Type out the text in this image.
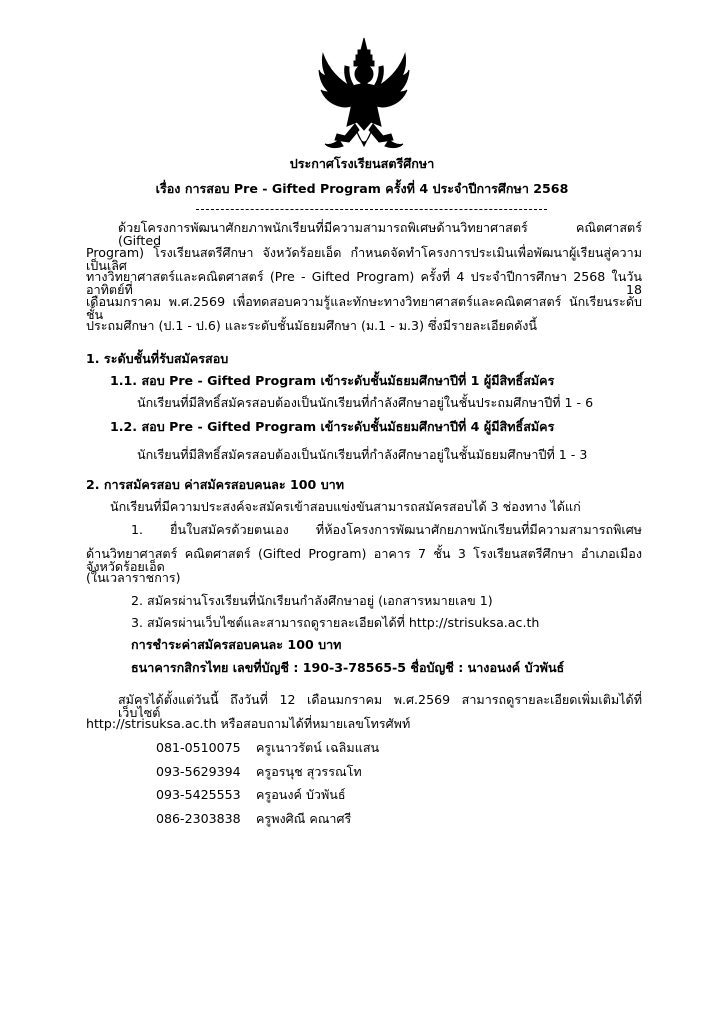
ประกาศโรงเรียนสตรีศึกษา
เรื่อง การสอบ Pre - Gifted Program ครั้งที่ 4 ประจำปีการศึกษา 2568
ด้วยโครงการพัฒนาศักยภาพนักเรียนที่มีความสามารถพิเศษด้านวิทยาศาสตร์ คณิตศาสตร์ (Gifted
Program) โรงเรียนสตรีศึกษา จังหวัดร้อยเอ็ด กำหนดจัดทำโครงการประเมินเพื่อพัฒนาผู้เรียนสู่ความเป็นเลิศ
ทางวิทยาศาสตร์และคณิตศาสตร์ (Pre - Gifted Program) ครั้งที่ 4 ประจำปีการศึกษา 2568 ในวันอาทิตย์ที่ 18
เดือนมกราคม พ.ศ.2569 เพื่อทดสอบความรู้และทักษะทางวิทยาศาสตร์และคณิตศาสตร์ นักเรียนระดับชั้น
ประถมศึกษา (ป.1 - ป.6) และระดับชั้นมัธยมศึกษา (ม.1 - ม.3) ซึ่งมีรายละเอียดดังนี้
1. ระดับชั้นที่รับสมัครสอบ
1.1. สอบ Pre - Gifted Program เข้าระดับชั้นมัธยมศึกษาปีที่ 1 ผู้มีสิทธิ์สมัคร
นักเรียนที่มีสิทธิ์สมัครสอบต้องเป็นนักเรียนที่กำลังศึกษาอยู่ในชั้นประถมศึกษาปีที่ 1 - 6
1.2. สอบ Pre - Gifted Program เข้าระดับชั้นมัธยมศึกษาปีที่ 4 ผู้มีสิทธิ์สมัคร
นักเรียนที่มีสิทธิ์สมัครสอบต้องเป็นนักเรียนที่กำลังศึกษาอยู่ในชั้นมัธยมศึกษาปีที่ 1 - 3
2. การสมัครสอบ ค่าสมัครสอบคนละ 100 บาท
นักเรียนที่มีความประสงค์จะสมัครเข้าสอบแข่งขันสามารถสมัครสอบได้ 3 ช่องทาง ได้แก่
1. ยื่นใบสมัครด้วยตนเอง ที่ห้องโครงการพัฒนาศักยภาพนักเรียนที่มีความสามารถพิเศษ
ด้านวิทยาศาสตร์ คณิตศาสตร์ (Gifted Program) อาคาร 7 ชั้น 3 โรงเรียนสตรีศึกษา อำเภอเมือง จังหวัดร้อยเอ็ด
(ในเวลาราชการ)
2. สมัครผ่านโรงเรียนที่นักเรียนกำลังศึกษาอยู่ (เอกสารหมายเลข 1)
3. สมัครผ่านเว็บไซต์และสามารถดูรายละเอียดได้ที่ http://strisuksa.ac.th
การชำระค่าสมัครสอบคนละ 100 บาท
ธนาคารกสิกรไทย เลขที่บัญชี : 190-3-78565-5 ชื่อบัญชี : นางอนงค์ บัวพันธ์
สมัครได้ตั้งแต่วันนี้ ถึงวันที่ 12 เดือนมกราคม พ.ศ.2569 สามารถดูรายละเอียดเพิ่มเติมได้ที่เว็บไซต์
http://strisuksa.ac.th หรือสอบถามได้ที่หมายเลขโทรศัพท์
081-0510075 ครูเนาวรัตน์ เฉลิมแสน
093-5629394 ครูอรนุช สุวรรณโท
093-5425553 ครูอนงค์ บัวพันธ์
086-2303838 ครูพงศิณี คณาศรี
